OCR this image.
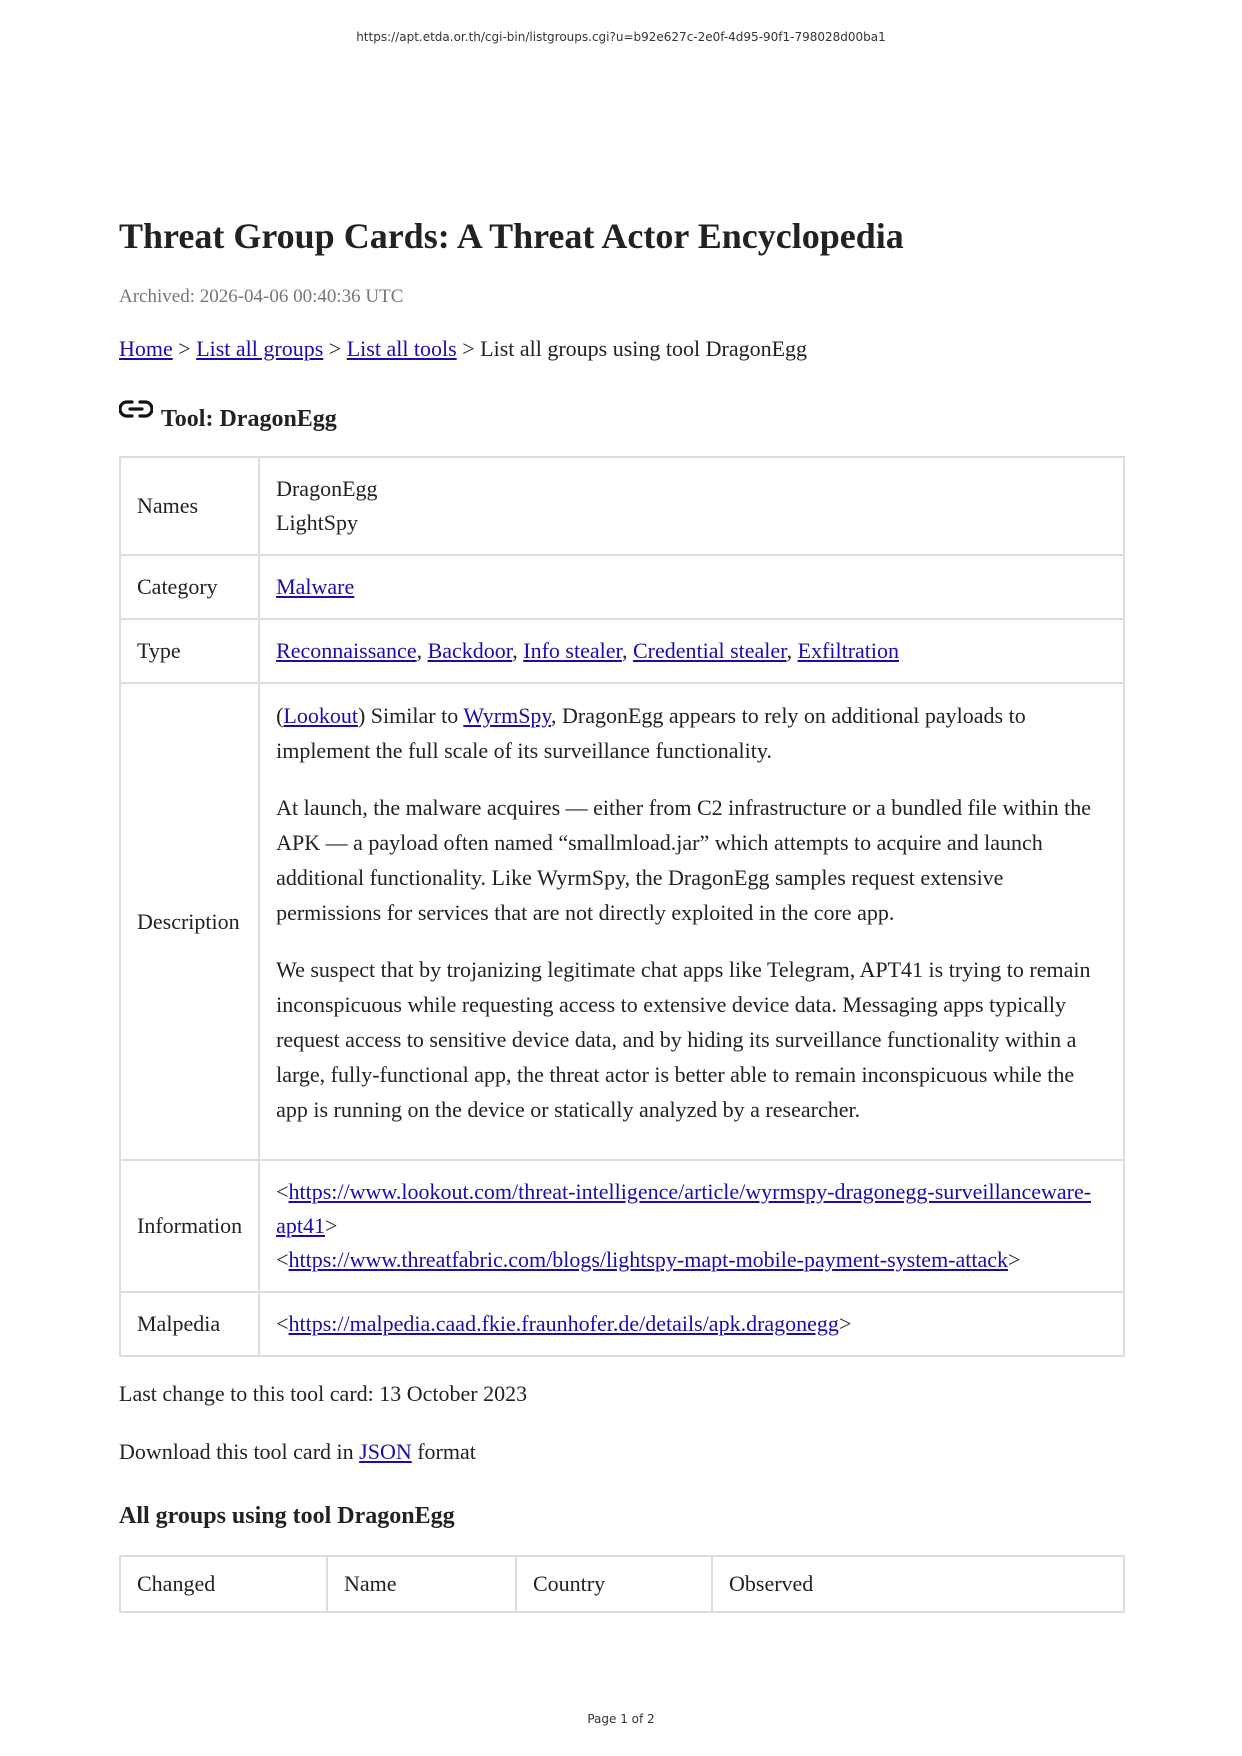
https://apt.etda.or.th/cgi-bin/listgroups.cgi?u=b92e627c-2e0f-4d95-90f1-798028d00ba1
Threat Group Cards: A Threat Actor Encyclopedia
Archived: 2026-04-06 00:40:36 UTC
Home > List all groups > List all tools > List all groups using tool DragonEgg
Tool: DragonEgg
Names	DragonEgg
LightSpy

Category	Malware
Type	Reconnaissance, Backdoor, Info stealer, Credential stealer, Exfiltration
Description	(Lookout) Similar to WyrmSpy, DragonEgg appears to rely on additional payloads to implement the full scale of its surveillance functionality.

At launch, the malware acquires — either from C2 infrastructure or a bundled file within the APK — a payload often named “smallmload.jar” which attempts to acquire and launch additional functionality. Like WyrmSpy, the DragonEgg samples request extensive permissions for services that are not directly exploited in the core app.

We suspect that by trojanizing legitimate chat apps like Telegram, APT41 is trying to remain inconspicuous while requesting access to extensive device data. Messaging apps typically request access to sensitive device data, and by hiding its surveillance functionality within a large, fully-functional app, the threat actor is better able to remain inconspicuous while the app is running on the device or statically analyzed by a researcher.

Information	<https://www.lookout.com/threat-intelligence/article/wyrmspy-dragonegg-surveillanceware-apt41>
<https://www.threatfabric.com/blogs/lightspy-mapt-mobile-payment-system-attack>

Malpedia	<https://malpedia.caad.fkie.fraunhofer.de/details/apk.dragonegg>
Last change to this tool card: 13 October 2023
Download this tool card in JSON format
All groups using tool DragonEgg
Changed	Name	Country	Observed
Page 1 of 2
